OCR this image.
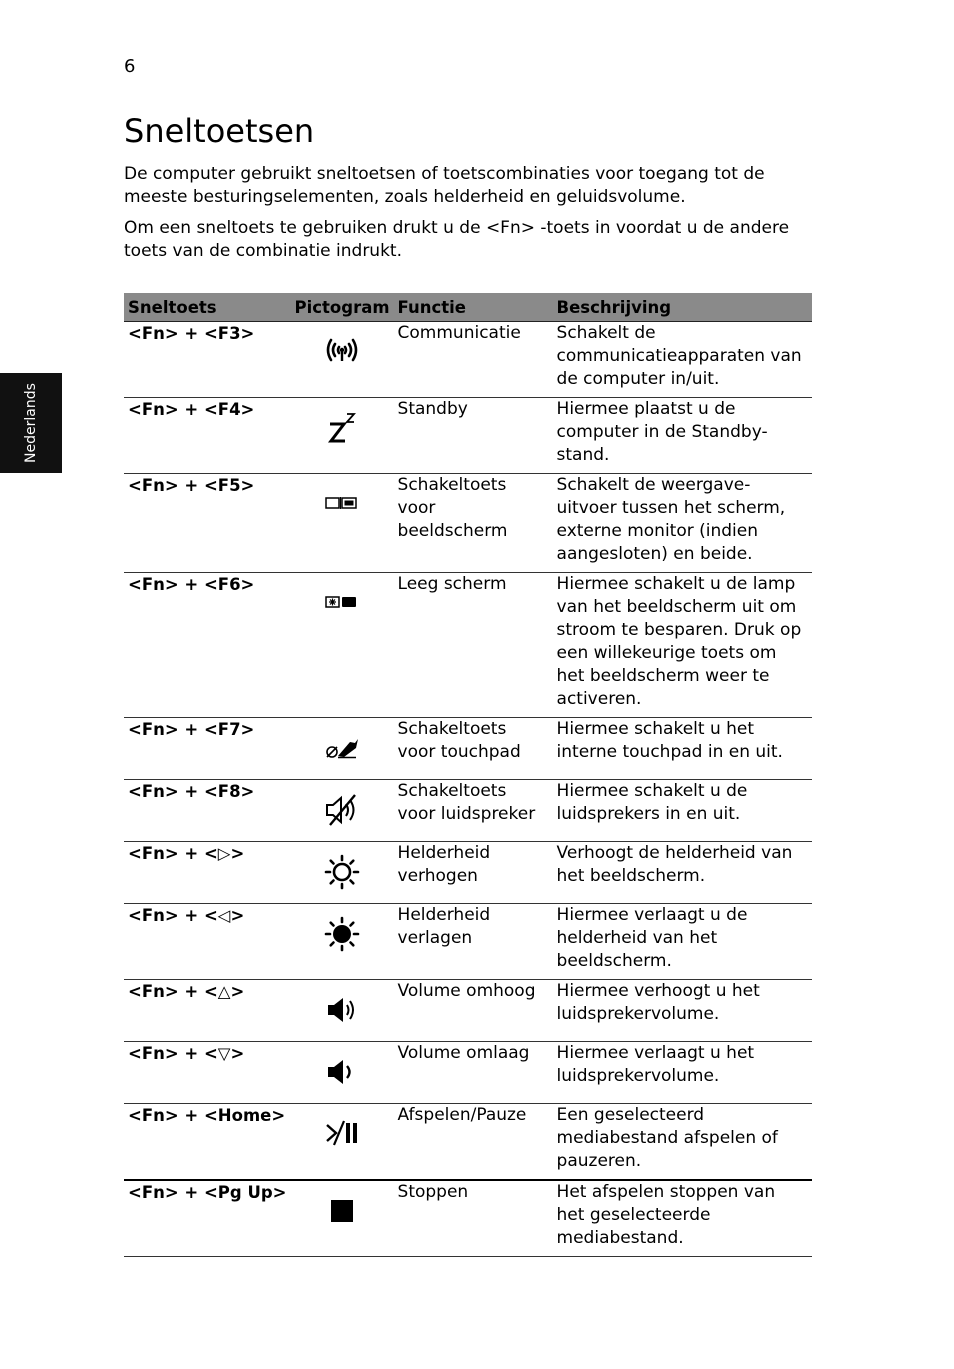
6
Sneltoetsen

De computer gebruikt sneltoetsen of toetscombinaties voor toegang tot de meeste besturingselementen, zoals helderheid en geluidsvolume.

Om een sneltoets te gebruiken drukt u de <Fn> -toets in voordat u de andere toets van de combinatie indrukt.

Nederlands
Sneltoets	Pictogram	Functie	Beschrijving
<Fn> + <F3>		Communicatie	Schakelt de communicatieapparaten van de computer in/uit.
<Fn> + <F4>		Standby	Hiermee plaatst u de computer in de Standby-stand.
<Fn> + <F5>		Schakeltoets voor beeldscherm	Schakelt de weergave-uitvoer tussen het scherm, externe monitor (indien aangesloten) en beide.
<Fn> + <F6>		Leeg scherm	Hiermee schakelt u de lamp van het beeldscherm uit om stroom te besparen. Druk op een willekeurige toets om het beeldscherm weer te activeren.
<Fn> + <F7>		Schakeltoets voor touchpad	Hiermee schakelt u het interne touchpad in en uit.
<Fn> + <F8>		Schakeltoets voor luidspreker	Hiermee schakelt u de luidsprekers in en uit.
<Fn> + <▷>		Helderheid verhogen	Verhoogt de helderheid van het beeldscherm.
<Fn> + <◁>		Helderheid verlagen	Hiermee verlaagt u de helderheid van het beeldscherm.
<Fn> + <△>		Volume omhoog	Hiermee verhoogt u het luidsprekervolume.
<Fn> + <▽>		Volume omlaag	Hiermee verlaagt u het luidsprekervolume.
<Fn> + <Home>		Afspelen/Pauze	Een geselecteerd mediabestand afspelen of pauzeren.
<Fn> + <Pg Up>		Stoppen	Het afspelen stoppen van het geselecteerde mediabestand.
